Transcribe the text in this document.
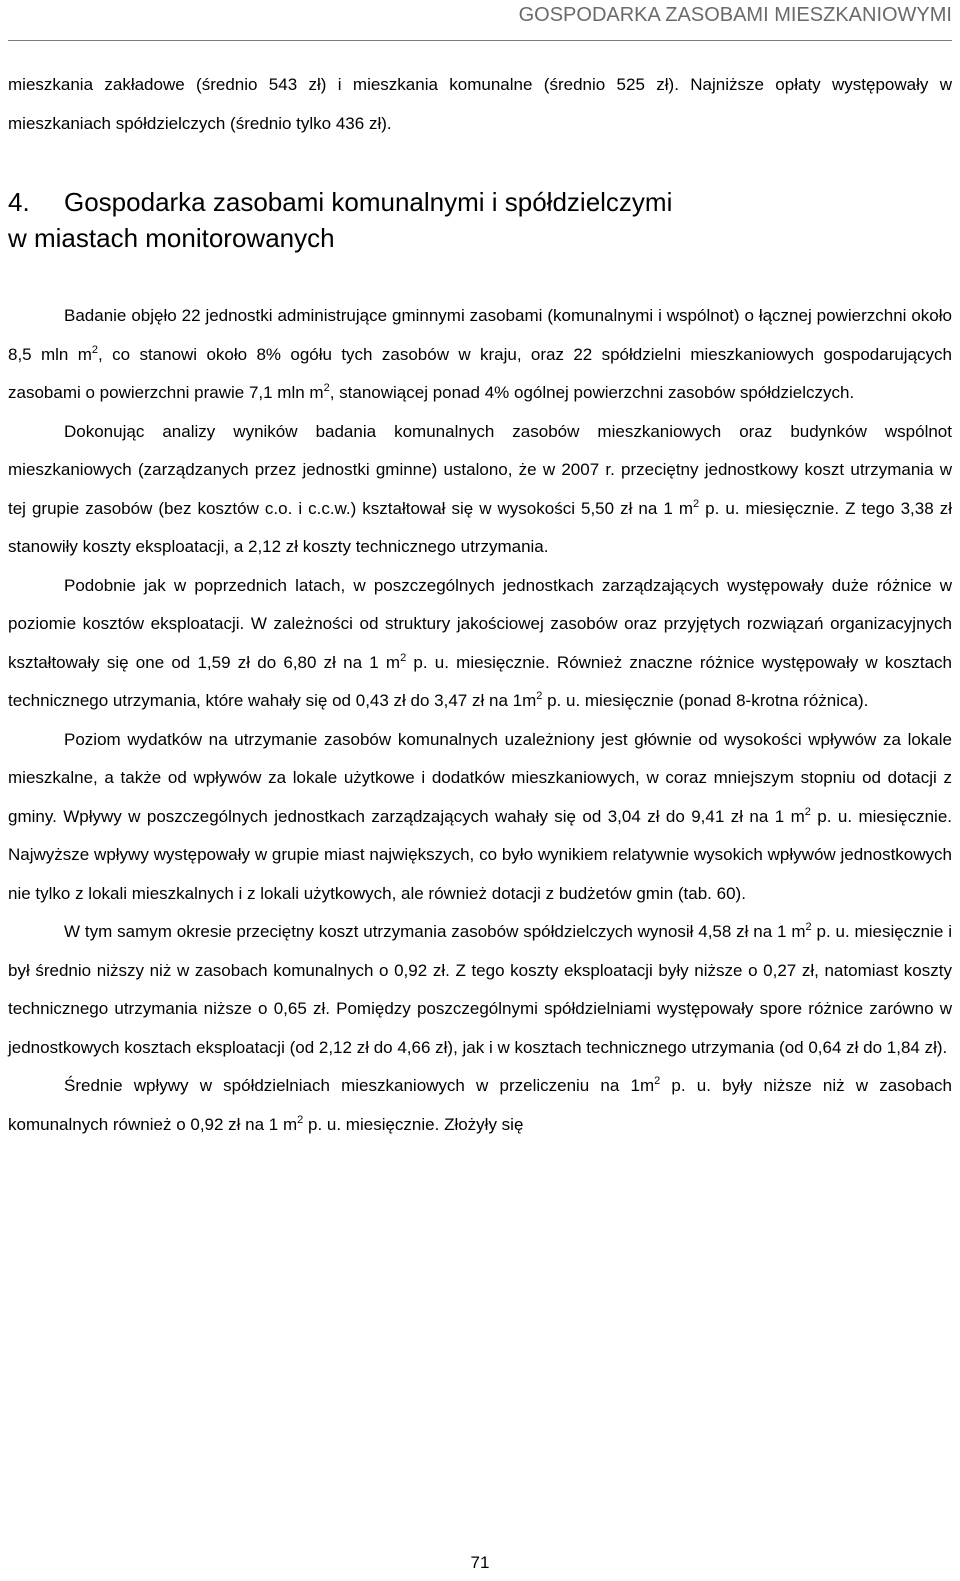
GOSPODARKA ZASOBAMI MIESZKANIOWYMI

mieszkania zakładowe (średnio 543 zł) i mieszkania komunalne (średnio 525 zł). Najniższe opłaty występowały w mieszkaniach spółdzielczych (średnio tylko 436 zł).

4. Gospodarka zasobami komunalnymi i spółdzielczymi
w miastach monitorowanych

Badanie objęło 22 jednostki administrujące gminnymi zasobami (komunalnymi i wspólnot) o łącznej powierzchni około 8,5 mln $m^2$, co stanowi około 8% ogółu tych zasobów w kraju, oraz 22 spółdzielni mieszkaniowych gospodarujących zasobami o powierzchni prawie 7,1 mln $m^2$, stanowiącej ponad 4% ogólnej powierzchni zasobów spółdzielczych.

Dokonując analizy wyników badania komunalnych zasobów mieszkaniowych oraz budynków wspólnot mieszkaniowych (zarządzanych przez jednostki gminne) ustalono, że w 2007 r. przeciętny jednostkowy koszt utrzymania w tej grupie zasobów (bez kosztów c.o. i c.c.w.) kształtował się w wysokości 5,50 zł na 1 $m^2$ p. u. miesięcznie. Z tego 3,38 zł stanowiły koszty eksploatacji, a 2,12 zł koszty technicznego utrzymania.

Podobnie jak w poprzednich latach, w poszczególnych jednostkach zarządzających występowały duże różnice w poziomie kosztów eksploatacji. W zależności od struktury jakościowej zasobów oraz przyjętych rozwiązań organizacyjnych kształtowały się one od 1,59 zł do 6,80 zł na 1 $m^2$ p. u. miesięcznie. Również znaczne różnice występowały w kosztach technicznego utrzymania, które wahały się od 0,43 zł do 3,47 zł na $1m^2$ p. u. miesięcznie (ponad 8-krotna różnica).

Poziom wydatków na utrzymanie zasobów komunalnych uzależniony jest głównie od wysokości wpływów za lokale mieszkalne, a także od wpływów za lokale użytkowe i dodatków mieszkaniowych, w coraz mniejszym stopniu od dotacji z gminy. Wpływy w poszczególnych jednostkach zarządzających wahały się od 3,04 zł do 9,41 zł na 1 $m^2$ p. u. miesięcznie. Najwyższe wpływy występowały w grupie miast największych, co było wynikiem relatywnie wysokich wpływów jednostkowych nie tylko z lokali mieszkalnych i z lokali użytkowych, ale również dotacji z budżetów gmin (tab. 60).

W tym samym okresie przeciętny koszt utrzymania zasobów spółdzielczych wynosił 4,58 zł na 1 $m^2$ p. u. miesięcznie i był średnio niższy niż w zasobach komunalnych o 0,92 zł. Z tego koszty eksploatacji były niższe o 0,27 zł, natomiast koszty technicznego utrzymania niższe o 0,65 zł. Pomiędzy poszczególnymi spółdzielniami występowały spore różnice zarówno w jednostkowych kosztach eksploatacji (od 2,12 zł do 4,66 zł), jak i w kosztach technicznego utrzymania (od 0,64 zł do 1,84 zł).

Średnie wpływy w spółdzielniach mieszkaniowych w przeliczeniu na $1m^2$ p. u. były niższe niż w zasobach komunalnych również o 0,92 zł na 1 $m^2$ p. u. miesięcznie. Złożyły się

71
